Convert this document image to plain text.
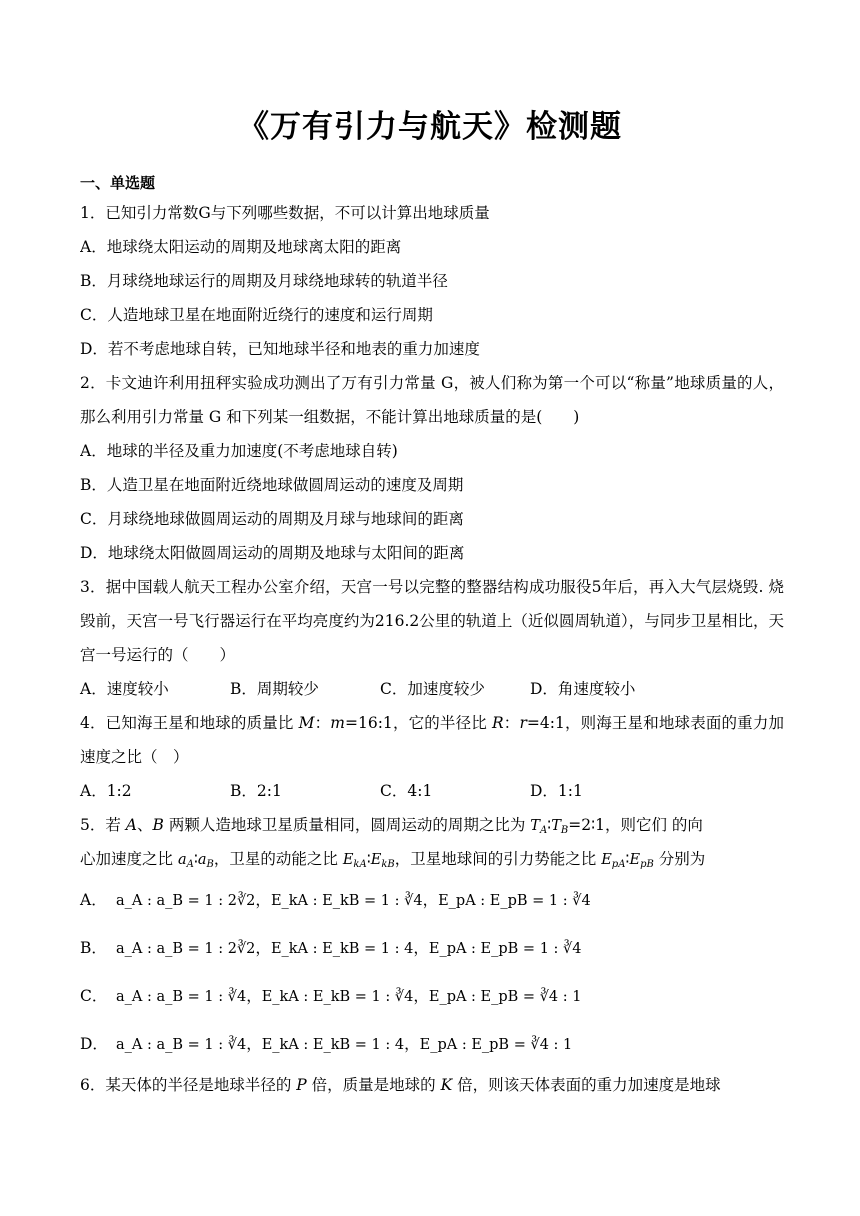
《万有引力与航天》检测题
一、单选题
1．已知引力常数G与下列哪些数据，不可以计算出地球质量
A．地球绕太阳运动的周期及地球离太阳的距离
B．月球绕地球运行的周期及月球绕地球转的轨道半径
C．人造地球卫星在地面附近绕行的速度和运行周期
D．若不考虑地球自转，已知地球半径和地表的重力加速度
2．卡文迪许利用扭秤实验成功测出了万有引力常量 G，被人们称为第一个可以“称量”地球质量的人，那么利用引力常量 G 和下列某一组数据，不能计算出地球质量的是(　　)
A．地球的半径及重力加速度(不考虑地球自转)
B．人造卫星在地面附近绕地球做圆周运动的速度及周期
C．月球绕地球做圆周运动的周期及月球与地球间的距离
D．地球绕太阳做圆周运动的周期及地球与太阳间的距离
3．据中国载人航天工程办公室介绍，天宫一号以完整的整器结构成功服役5年后，再入大气层烧毁. 烧毁前，天宫一号飞行器运行在平均亮度约为216.2公里的轨道上（近似圆周轨道），与同步卫星相比，天宫一号运行的（　　）
A．速度较小	B．周期较少	C．加速度较少	D．角速度较小
4．已知海王星和地球的质量比 M：m=16:1，它的半径比 R：r=4:1，则海王星和地球表面的重力加速度之比（　）
A．1:2	B．2:1	C．4:1	D．1:1
5．若 A、B 两颗人造地球卫星质量相同，圆周运动的周期之比为 $T_A∶T_B=2∶1$，则它们 的向
心加速度之比 $a_A∶a_B$，卫星的动能之比 $E_{kA}∶E_{kB}$，卫星地球间的引力势能之比 $E_{pA}∶E_{pB}$ 分别为
A． a_A : a_B = 1 : 2∛2，E_kA : E_kB = 1 : ∛4，E_pA : E_pB = 1 : ∛4
B． a_A : a_B = 1 : 2∛2，E_kA : E_kB = 1 : 4，E_pA : E_pB = 1 : ∛4
C． a_A : a_B = 1 : ∛4，E_kA : E_kB = 1 : ∛4，E_pA : E_pB = ∛4 : 1
D． a_A : a_B = 1 : ∛4，E_kA : E_kB = 1 : 4，E_pA : E_pB = ∛4 : 1
6．某天体的半径是地球半径的 P 倍，质量是地球的 K 倍，则该天体表面的重力加速度是地球
